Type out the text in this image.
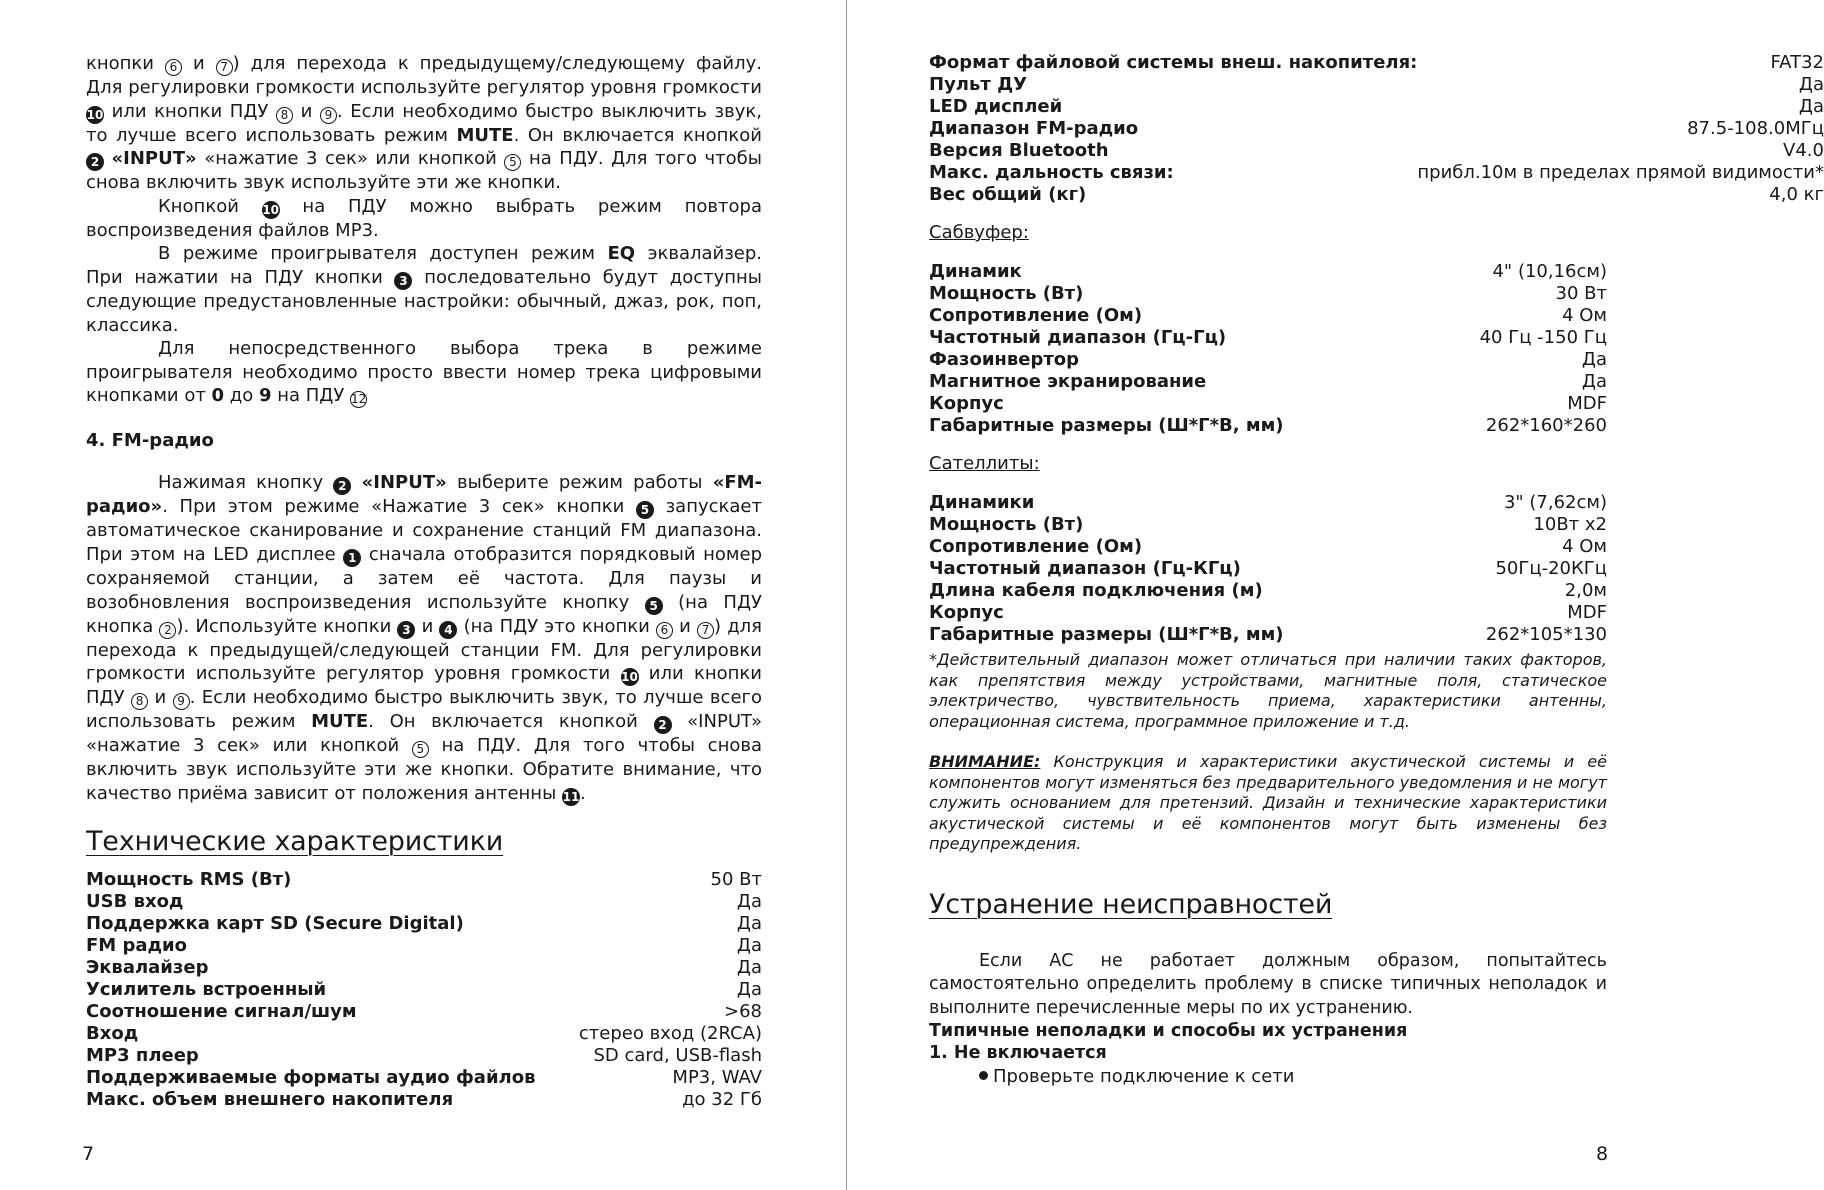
кнопки 6 и 7 ) для перехода к предыдущему/следующему файлу. Для регулировки громкости используйте регулятор уровня громкости 10 или кнопки ПДУ 8 и 9 . Если необходимо быстро выключить звук, то лучше всего использовать режим MUTE. Он включается кнопкой 2 «INPUT» «нажатие 3 сек» или кнопкой 5 на ПДУ. Для того чтобы снова включить звук используйте эти же кнопки.

Кнопкой 10 на ПДУ можно выбрать режим повтора воспроизведения файлов MP3.

В режиме проигрывателя доступен режим EQ эквалайзер. При нажатии на ПДУ кнопки 3 последовательно будут доступны следующие предустановленные настройки: обычный, джаз, рок, поп, классика.

Для непосредственного выбора трека в режиме проигрывателя необходимо просто ввести номер трека цифровыми кнопками от 0 до 9 на ПДУ 12

4. FM-радио

Нажимая кнопку 2 «INPUT» выберите режим работы «FM-радио». При этом режиме «Нажатие 3 сек» кнопки 5 запускает автоматическое сканирование и сохранение станций FM диапазона. При этом на LED дисплее 1 сначала отобразится порядковый номер сохраняемой станции, а затем её частота. Для паузы и возобновления воспроизведения используйте кнопку 5 (на ПДУ кнопка 2 ). Используйте кнопки 3 и 4 (на ПДУ это кнопки 6 и 7 ) для перехода к предыдущей/следующей станции FM. Для регулировки громкости используйте регулятор уровня громкости 10 или кнопки ПДУ 8 и 9 . Если необходимо быстро выключить звук, то лучше всего использовать режим MUTE. Он включается кнопкой 2 «INPUT» «нажатие 3 сек» или кнопкой 5 на ПДУ. Для того чтобы снова включить звук используйте эти же кнопки. Обратите внимание, что качество приёма зависит от положения антенны 11.

Технические характеристики

Мощность RMS (Вт)	50 Вт
USB вход	Да
Поддержка карт SD (Secure Digital)	Да
FM радио	Да
Эквалайзер	Да
Усилитель встроенный	Да
Соотношение сигнал/шум	>68
Вход	стерео вход (2RCA)
MP3 плеер	SD card, USB-flash
Поддерживаемые форматы аудио файлов	MP3, WAV
Макс. объем внешнего накопителя	до 32 Гб
7
Формат файловой системы внеш. накопителя:	FAT32
Пульт ДУ	Да
LED дисплей	Да
Диапазон FM-радио	87.5-108.0МГц
Версия Bluetooth	V4.0
Макс. дальность связи:	прибл.10м в пределах прямой видимости*
Вес общий (кг)	4,0 кг

Сабвуфер:

Динамик	4" (10,16см)
Мощность (Вт)	30 Вт
Сопротивление (Ом)	4 Ом
Частотный диапазон (Гц-Гц)	40 Гц -150 Гц
Фазоинвертор	Да
Магнитное экранирование	Да
Корпус	MDF
Габаритные размеры (Ш*Г*В, мм)	262*160*260

Сателлиты:

Динамики	3" (7,62см)
Мощность (Вт)	10Вт х2
Сопротивление (Ом)	4 Ом
Частотный диапазон (Гц-КГц)	50Гц-20КГц
Длина кабеля подключения (м)	2,0м
Корпус	MDF
Габаритные размеры (Ш*Г*В, мм)	262*105*130

*Действительный диапазон может отличаться при наличии таких факторов, как препятствия между устройствами, магнитные поля, статическое электричество, чувствительность приема, характеристики антенны, операционная система, программное приложение и т.д.

ВНИМАНИЕ: Конструкция и характеристики акустической системы и её компонентов могут изменяться без предварительного уведомления и не могут служить основанием для претензий. Дизайн и технические характеристики акустической системы и её компонентов могут быть изменены без предупреждения.

Устранение неисправностей

Если АС не работает должным образом, попытайтесь самостоятельно определить проблему в списке типичных неполадок и выполните перечисленные меры по их устранению.

Типичные неполадки и способы их устранения

1. Не включается

Проверьте подключение к сети

8
